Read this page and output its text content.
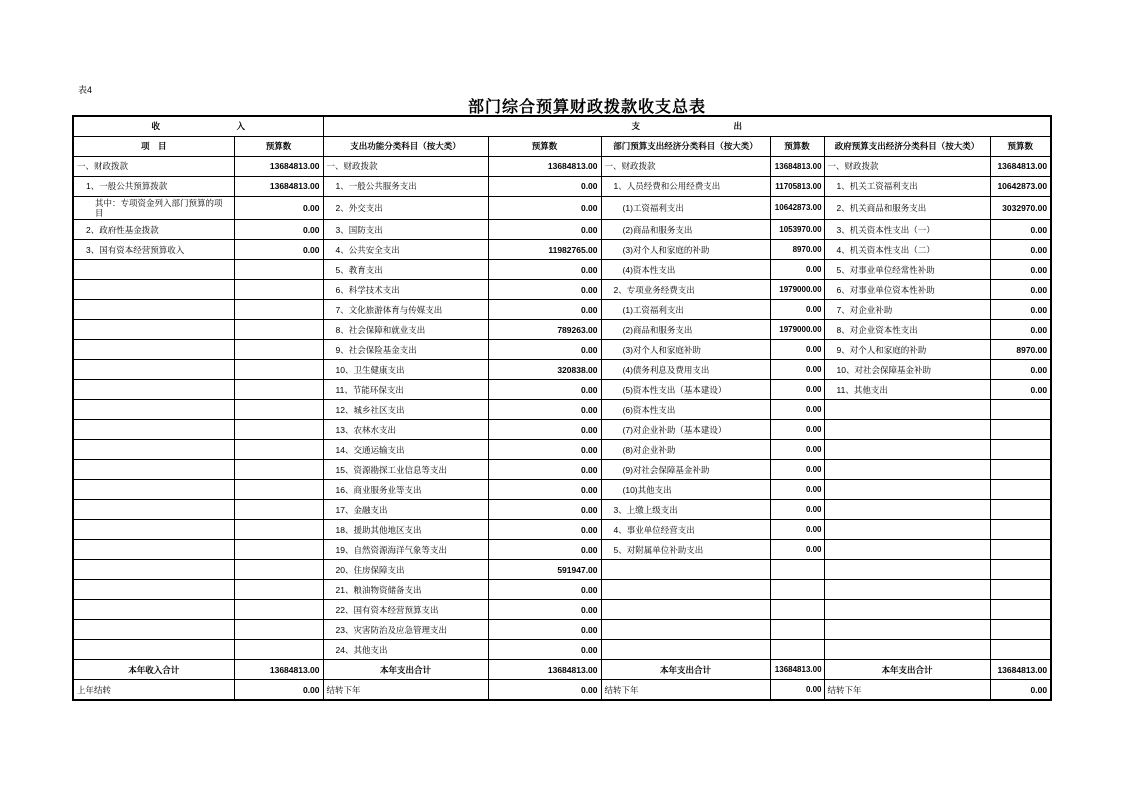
表4
部门综合预算财政拨款收支总表
收　　　　　　　　　入		支　　　　　　　　　　　出					
项　目	预算数	支出功能分类科目（按大类）	预算数	部门预算支出经济分类科目（按大类）	预算数	政府预算支出经济分类科目（按大类）	预算数
一、财政拨款	13684813.00	一、财政拨款	13684813.00	一、财政拨款	13684813.00	一、财政拨款	13684813.00
1、一般公共预算拨款	13684813.00	1、一般公共服务支出	0.00	1、人员经费和公用经费支出	11705813.00	1、机关工资福利支出	10642873.00
其中：专项资金列入部门预算的项目	0.00	2、外交支出	0.00	(1)工资福利支出	10642873.00	2、机关商品和服务支出	3032970.00
2、政府性基金拨款	0.00	3、国防支出	0.00	(2)商品和服务支出	1053970.00	3、机关资本性支出（一）	0.00
3、国有资本经营预算收入	0.00	4、公共安全支出	11982765.00	(3)对个人和家庭的补助	8970.00	4、机关资本性支出（二）	0.00
		5、教育支出	0.00	(4)资本性支出	0.00	5、对事业单位经常性补助	0.00
		6、科学技术支出	0.00	2、专项业务经费支出	1979000.00	6、对事业单位资本性补助	0.00
		7、文化旅游体育与传媒支出	0.00	(1)工资福利支出	0.00	7、对企业补助	0.00
		8、社会保障和就业支出	789263.00	(2)商品和服务支出	1979000.00	8、对企业资本性支出	0.00
		9、社会保险基金支出	0.00	(3)对个人和家庭补助	0.00	9、对个人和家庭的补助	8970.00
		10、卫生健康支出	320838.00	(4)债务利息及费用支出	0.00	10、对社会保障基金补助	0.00
		11、节能环保支出	0.00	(5)资本性支出（基本建设）	0.00	11、其他支出	0.00
		12、城乡社区支出	0.00	(6)资本性支出	0.00		
		13、农林水支出	0.00	(7)对企业补助（基本建设）	0.00		
		14、交通运输支出	0.00	(8)对企业补助	0.00		
		15、资源勘探工业信息等支出	0.00	(9)对社会保障基金补助	0.00		
		16、商业服务业等支出	0.00	(10)其他支出	0.00		
		17、金融支出	0.00	3、上缴上级支出	0.00		
		18、援助其他地区支出	0.00	4、事业单位经营支出	0.00		
		19、自然资源海洋气象等支出	0.00	5、对附属单位补助支出	0.00		
		20、住房保障支出	591947.00				
		21、粮油物资储备支出	0.00				
		22、国有资本经营预算支出	0.00				
		23、灾害防治及应急管理支出	0.00				
		24、其他支出	0.00				
本年收入合计	13684813.00	本年支出合计	13684813.00	本年支出合计	13684813.00	本年支出合计	13684813.00
上年结转	0.00	结转下年	0.00	结转下年	0.00	结转下年	0.00
